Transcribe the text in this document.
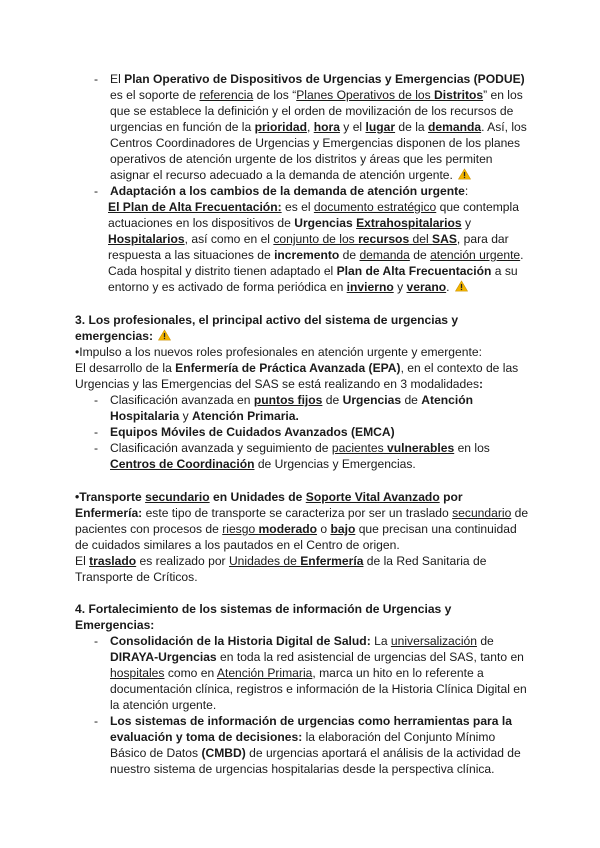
- El Plan Operativo de Dispositivos de Urgencias y Emergencias (PODUE)
es el soporte de referencia de los “Planes Operativos de los Distritos” en los
que se establece la definición y el orden de movilización de los recursos de
urgencias en función de la prioridad, hora y el lugar de la demanda. Así, los
Centros Coordinadores de Urgencias y Emergencias disponen de los planes
operativos de atención urgente de los distritos y áreas que les permiten
asignar el recurso adecuado a la demanda de atención urgente.
- Adaptación a los cambios de la demanda de atención urgente:
El Plan de Alta Frecuentación: es el documento estratégico que contempla
actuaciones en los dispositivos de Urgencias Extrahospitalarios y
Hospitalarios, así como en el conjunto de los recursos del SAS, para dar
respuesta a las situaciones de incremento de demanda de atención urgente.
Cada hospital y distrito tienen adaptado el Plan de Alta Frecuentación a su
entorno y es activado de forma periódica en invierno y verano.
3. Los profesionales, el principal activo del sistema de urgencias y
emergencias:
•Impulso a los nuevos roles profesionales en atención urgente y emergente:
El desarrollo de la Enfermería de Práctica Avanzada (EPA), en el contexto de las
Urgencias y las Emergencias del SAS se está realizando en 3 modalidades:
- Clasificación avanzada en puntos fijos de Urgencias de Atención
Hospitalaria y Atención Primaria.
- Equipos Móviles de Cuidados Avanzados (EMCA)
- Clasificación avanzada y seguimiento de pacientes vulnerables en los
Centros de Coordinación de Urgencias y Emergencias.
•Transporte secundario en Unidades de Soporte Vital Avanzado por
Enfermería: este tipo de transporte se caracteriza por ser un traslado secundario de
pacientes con procesos de riesgo moderado o bajo que precisan una continuidad
de cuidados similares a los pautados en el Centro de origen.
El traslado es realizado por Unidades de Enfermería de la Red Sanitaria de
Transporte de Críticos.
4. Fortalecimiento de los sistemas de información de Urgencias y
Emergencias:
- Consolidación de la Historia Digital de Salud: La universalización de
DIRAYA-Urgencias en toda la red asistencial de urgencias del SAS, tanto en
hospitales como en Atención Primaria, marca un hito en lo referente a
documentación clínica, registros e información de la Historia Clínica Digital en
la atención urgente.
- Los sistemas de información de urgencias como herramientas para la
evaluación y toma de decisiones: la elaboración del Conjunto Mínimo
Básico de Datos (CMBD) de urgencias aportará el análisis de la actividad de
nuestro sistema de urgencias hospitalarias desde la perspectiva clínica.
